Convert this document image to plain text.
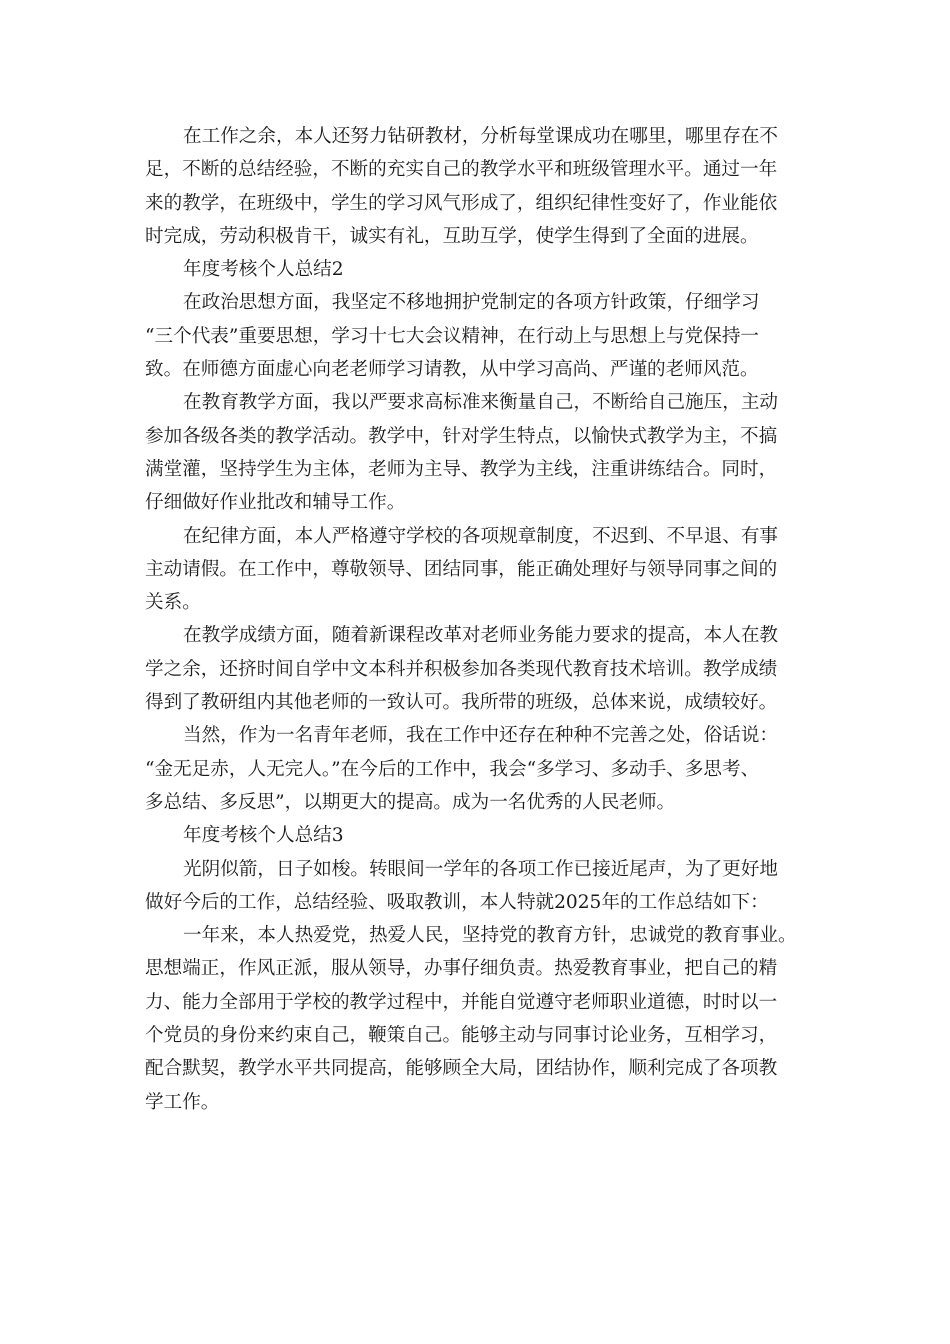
在工作之余，本人还努力钻研教材，分析每堂课成功在哪里，哪里存在不
足，不断的总结经验，不断的充实自己的教学水平和班级管理水平。通过一年
来的教学，在班级中，学生的学习风气形成了，组织纪律性变好了，作业能依
时完成，劳动积极肯干，诚实有礼，互助互学，使学生得到了全面的进展。
年度考核个人总结2
在政治思想方面，我坚定不移地拥护党制定的各项方针政策，仔细学习
“三个代表”重要思想，学习十七大会议精神，在行动上与思想上与党保持一
致。在师德方面虚心向老老师学习请教，从中学习高尚、严谨的老师风范。
在教育教学方面，我以严要求高标准来衡量自己，不断给自己施压，主动
参加各级各类的教学活动。教学中，针对学生特点，以愉快式教学为主，不搞
满堂灌，坚持学生为主体，老师为主导、教学为主线，注重讲练结合。同时，
仔细做好作业批改和辅导工作。
在纪律方面，本人严格遵守学校的各项规章制度，不迟到、不早退、有事
主动请假。在工作中，尊敬领导、团结同事，能正确处理好与领导同事之间的
关系。
在教学成绩方面，随着新课程改革对老师业务能力要求的提高，本人在教
学之余，还挤时间自学中文本科并积极参加各类现代教育技术培训。教学成绩
得到了教研组内其他老师的一致认可。我所带的班级，总体来说，成绩较好。
当然，作为一名青年老师，我在工作中还存在种种不完善之处，俗话说：
“金无足赤，人无完人。”在今后的工作中，我会“多学习、多动手、多思考、
多总结、多反思”，以期更大的提高。成为一名优秀的人民老师。
年度考核个人总结3
光阴似箭，日子如梭。转眼间一学年的各项工作已接近尾声，为了更好地
做好今后的工作，总结经验、吸取教训，本人特就2025年的工作总结如下：
一年来，本人热爱党，热爱人民，坚持党的教育方针，忠诚党的教育事业。
思想端正，作风正派，服从领导，办事仔细负责。热爱教育事业，把自己的精
力、能力全部用于学校的教学过程中，并能自觉遵守老师职业道德，时时以一
个党员的身份来约束自己，鞭策自己。能够主动与同事讨论业务，互相学习，
配合默契，教学水平共同提高，能够顾全大局，团结协作，顺利完成了各项教
学工作。
